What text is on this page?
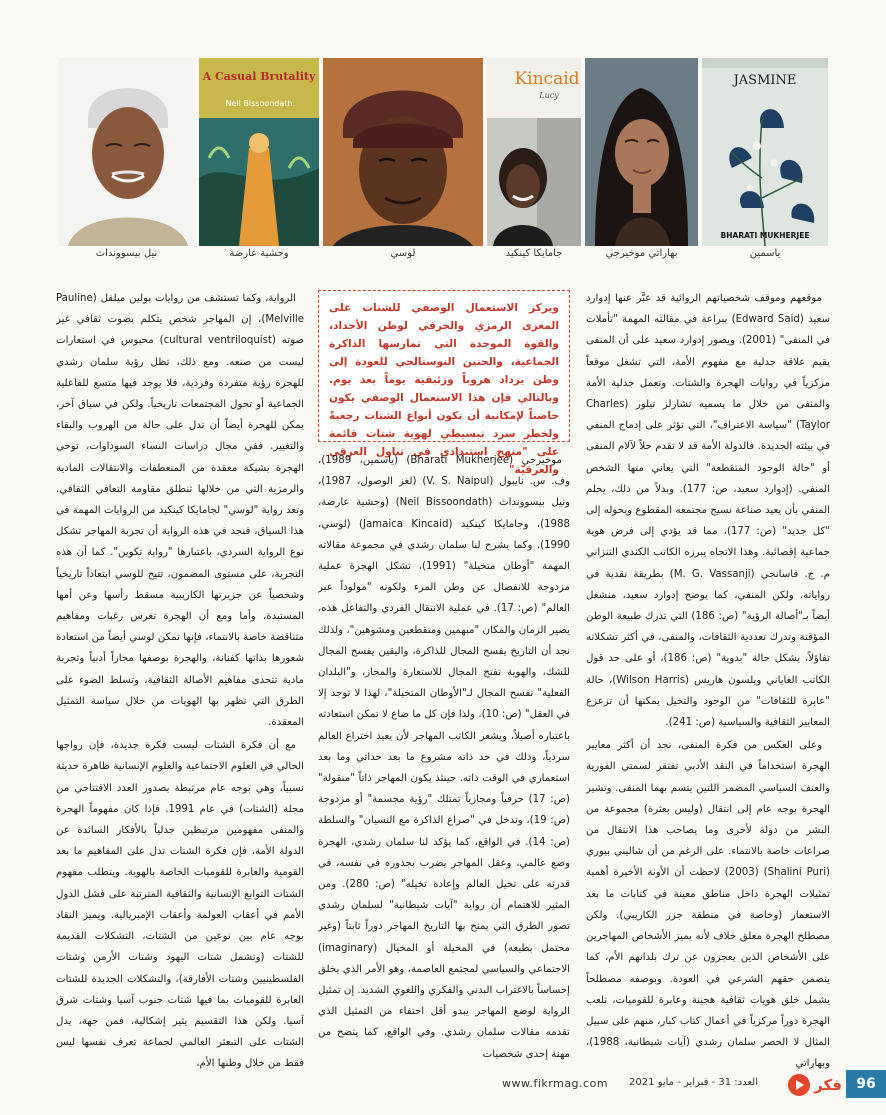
JASMINE
BHARATI MUKHERJEE
Kincaid
Lucy
A Casual Brutality
Neil Bissoondath
ياسمين
بهاراتي موخيرجي
جامايكا كينكيد
لوسي
وحشية عارضة
نيل بيسوونداث

موقعهم وموقف شخصياتهم الروائية قد عبَّر عنها إدوارد سعيد (Edward Said) ببراعة في مقالته المهمة "تأملات في المنفى" (2001). ويصور إدوارد سعيد على أن المنفى يقيم علاقة جدلية مع مفهوم الأمة، التي تشغل موقعاً مركزياً في روايات الهجرة والشتات. وتعمل جدلية الأمة والمنفى من خلال ما يسميه تشارلز تيلور (Charles Taylor) "سياسة الاعتراف"، التي تؤثر على إدماج المنفي في بيئته الجديدة. فالدولة الأمة قد لا تقدم حلاً لآلام المنفى أو "حالة الوجود المتقطعة" التي يعاني منها الشخص المنفي. (إدوارد سعيد، ص: 177). وبدلاً من ذلك، يحلم المنفي بأن يعيد صناعة نسيج مجتمعه المقطوع ويحوله إلى "كل جديد" (ص: 177)، مما قد يؤدي إلى فرض هوية جماعية إقصائية. وهذا الاتجاه يبرزه الكاتب الكندي التنزاني م. ج. فاسانجي (M. G. Vassanji) بطريقة نقدية في رواياته. ولكن المنفي، كما يوضح إدوارد سعيد، منشغل أيضاً بـ"أصالة الرؤية" (ص: 186) التي تدرك طبيعة الوطن المؤقتة وتدرك تعددية الثقافات، والمنفى، في أكثر تشكلاته تفاؤلاً، يشكل حالة "بدوية" (ص: 186)، أو على حد قول الكاتب الغاياني ويلسون هاريس (Wilson Harris)، حالة "عابرة للثقافات" من الوجود والتخيل يمكنها أن تزعزع المعايير الثقافية والسياسية (ص: 241).

وعلى العكس من فكرة المنفى، نجد أن أكثر معايير الهجرة استخداماً في النقد الأدبي تفتقر لسمتي الفورية والعنف السياسي المضمر اللتين يتسم بهما المنفى. وتشير الهجرة بوجه عام إلى انتقال (وليس بعثرة) مجموعة من البشر من دولة لأخرى وما يصاحب هذا الانتقال من صراعات خاصة بالانتماء. على الرغم من أن شاليني بيوري (Shalini Puri) (2003) لاحظت أن الأونة الأخيرة أهمية تمثيلات الهجرة داخل مناطق معينة في كتابات ما بعد الاستعمار (وخاصة في منطقة جزر الكاريبي). ولكن مصطلح الهجرة معلق خلاف لأنه يميز الأشخاص المهاجرين على الأشخاص الذين يعجزون عن ترك بلدانهم الأم، كما يتضمن حقهم الشرعي في العودة. وبوصفه مصطلحاً يشمل خلق هويات ثقافية هجينة وعابرة للقوميات، تلعب الهجرة دوراً مركزياً في أعمال كتاب كبار، منهم على سبيل المثال لا الحصر سلمان رشدي (آيات شيطانية، 1988)، وبهاراتي

ويركز الاستعمال الوصفي للشتات على المغزى الرمزي والحرفي لوطن الأجداد، والقوة الموحدة التي تمارسها الذاكرة الجماعية، والحنين النوستالجي للعودة إلى وطن يزداد هروباً وزئبقية يوماً بعد يوم. وبالتالي فإن هذا الاستعمال الوصفي يكون حاضناً لإمكانية أن تكون أنواع الشتات رجعيةً ولخطر سرد تبسيطي لهوية شتات قائمة على "منهج استبدادي في تناول العرقي والعرقيّة"

موخيرجي (Bharati Mukherjee) (ياسمين، 1989)، وف. س. نايبول (V. S. Naipul) (لغز الوصول، 1987)، ونيل بيسوونداث (Neil Bissoondath) (وحشية عارضة، 1988)، وجامايكا كينكيد (Jamaica Kincaid) (لوسي، 1990). وكما يشرح لنا سلمان رشدي في مجموعة مقالاته المهمة "أوطان متخيلة" (1991)، تشكل الهجرة عملية مزدوجة للانفصال عن وطن المرء ولكونه "مولوداً عبر العالم" (ص: 17). في عملية الانتقال الفردي والتفاعل هذه، يصير الزمان والمكان "مبهمين ومتقطعين ومشوهين"، ولذلك نجد أن التاريخ يفسح المجال للذاكرة، واليقين يفسح المجال للشك، والهوية تفتح المجال للاستعارة والمجاز، و"البلدان الفعلية" تفسح المجال لـ"الأوطان المتخيلة"، لهذا لا توجد إلا في العقل" (ص: 10). ولذا فإن كل ما ضاع لا تمكن استعادته باعتباره أصيلاً، ويشعر الكاتب المهاجر لأن يعيد اختراع العالم سردياً، وذلك في حد ذاته مشروع ما بعد حداثي وما بعد استعماري في الوقت ذاته. حينئذ يكون المهاجر ذاتاً "منقولة" (ص: 17) حرفياً ومجازياً تمتلك "رؤية مجسمة" أو مزدوجة (ص: 19)، وتدخل في "صراع الذاكرة مع النسيان" والسلطة (ص: 14). في الواقع، كما يؤكد لنا سلمان رشدي، الهجرة وضع عالمي، وعقل المهاجر يضرب بجذوره في نفسه، في قدرته على تخيل العالم وإعادة تخيله" (ص: 280). ومن المثير للاهتمام أن رواية "آيات شيطانية" لسلمان رشدي تصور الطرق التي يمنح بها التاريخ المهاجر دوراً ثابتاً (وغير محتمل بطبعه) في المخيلة أو المخيال (imaginary) الاجتماعي والسياسي لمجتمع العاصمة، وهو الأمر الذي يخلق إحساساً بالاغتراب البدني والفكري واللغوي الشديد. إن تمثيل الرواية لوضع المهاجر يبدو أقل احتفاء من التمثيل الذي تقدمه مقالات سلمان رشدي. وفي الواقع، كما يتضح من مهنة إحدى شخصيات

الرواية، وكما تستشف من روايات بولين ميلفل (Pauline Melville)، إن المهاجر شخص يتكلم بصوت ثقافي غير صوته (cultural ventriloquist) محبوس في استعارات ليست من صنعه. ومع ذلك، تظل رؤية سلمان رشدي للهجرة رؤية متفردة وفردية، فلا يوجد فيها متسع للفاعلية الجماعية أو تحول المجتمعات تاريخياً. ولكن في سياق آخر، يمكن للهجرة أيضاً أن تدل على حالة من الهروب والبقاء والتغيير. ففي مجال دراسات النساء السوداوات، توحي الهجرة بشبكة معقدة من المنعطفات والانتقالات المادية والرمزية التي من خلالها تنطلق مقاومة التعافي الثقافي. وتعد رواية "لوسي" لجامايكا كينكيد من الروايات المهمة في هذا السياق، فنجد في هذه الرواية أن تجربة المهاجر تشكل نوع الرواية السردي، باعتبارها "رواية تكوين". كما أن هذه التجربة، على مستوى المضمون، تتيح للوسي ابتعاداً تاريخياً وشخصياً عن جزيرتها الكاريبية مسقط رأسها وعن أمها المستبدة، وأما ومع أن الهجرة تغرس رغبات ومفاهيم متناقضة خاصة بالانتماء، فإنها تمكن لوسي أيضاً من استعادة شعورها بذاتها كفنانة، والهجرة بوصفها مجازاً أدبياً وتجربة مادية تتحدى مفاهيم الأصالة الثقافية، وتسلط الضوء على الطرق التي تظهر بها الهويات من خلال سياسة التمثيل المعقدة.

مع أن فكرة الشتات ليست فكرة جديدة، فإن رواجها الحالي في العلوم الاجتماعية والعلوم الإنسانية ظاهرة حديثة نسبياً، وهي بوجه عام مرتبطة بصدور العدد الافتتاحي من مجلة (الشتات) في عام 1991. فإذا كان مفهوماً الهجرة والمنفى مفهومين مرتبطين جدلياً بالأفكار السائدة عن الدولة الأمة، فإن فكرة الشتات تدل على المفاهيم ما بعد القومية والعابرة للقوميات الخاصة بالهوية. ويتطلب مفهوم الشتات التوابع الإنسانية والثقافية المترتبة على فشل الدول الأمم في أعقاب العولمة وأعقاب الإمبريالية. ويميز النقاد بوجه عام بين نوعين من الشتات، التشكلات القديمة للشتات (وتشمل شتات اليهود وشتات الأرمن وشتات الفلسطينيين وشتات الأفارقة)، والتشكلات الجديدة للشتات العابرة للقوميات بما فيها شتات جنوب آسيا وشتات شرق آسيا. ولكن هذا التقسيم يثير إشكالية، فمن جهة، يدل الشتات على التبعثر العالمي لجماعة تعرف نفسها ليس فقط من خلال وطنها الأم،

96
فكر
العدد: 31 - فبراير - مايو 2021
www.fikrmag.com
